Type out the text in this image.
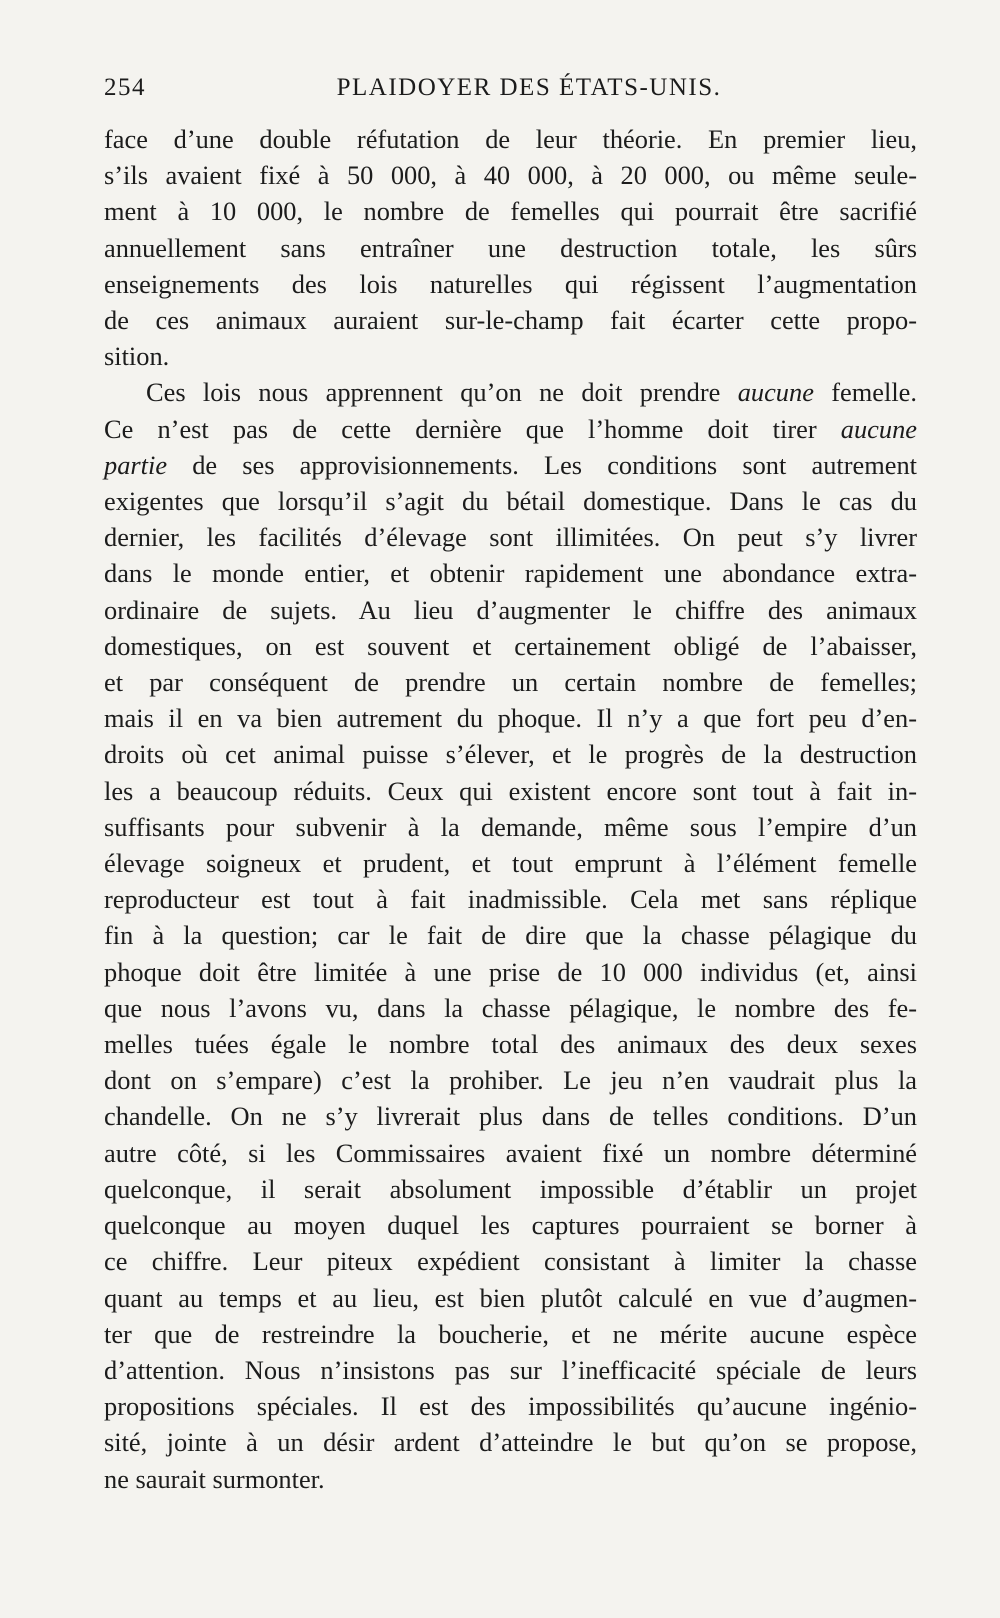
254	PLAIDOYER DES ÉTATS-UNIS.

face d’une double réfutation de leur théorie. En premier lieu,
s’ils avaient fixé à 50 000, à 40 000, à 20 000, ou même seule-
ment à 10 000, le nombre de femelles qui pourrait être sacrifié
annuellement sans entraîner une destruction totale, les sûrs
enseignements des lois naturelles qui régissent l’augmentation
de ces animaux auraient sur-le-champ fait écarter cette propo-
sition.

Ces lois nous apprennent qu’on ne doit prendre aucune femelle.
Ce n’est pas de cette dernière que l’homme doit tirer aucune
partie de ses approvisionnements. Les conditions sont autrement
exigentes que lorsqu’il s’agit du bétail domestique. Dans le cas du
dernier, les facilités d’élevage sont illimitées. On peut s’y livrer
dans le monde entier, et obtenir rapidement une abondance extra-
ordinaire de sujets. Au lieu d’augmenter le chiffre des animaux
domestiques, on est souvent et certainement obligé de l’abaisser,
et par conséquent de prendre un certain nombre de femelles;
mais il en va bien autrement du phoque. Il n’y a que fort peu d’en-
droits où cet animal puisse s’élever, et le progrès de la destruction
les a beaucoup réduits. Ceux qui existent encore sont tout à fait in-
suffisants pour subvenir à la demande, même sous l’empire d’un
élevage soigneux et prudent, et tout emprunt à l’élément femelle
reproducteur est tout à fait inadmissible. Cela met sans réplique
fin à la question; car le fait de dire que la chasse pélagique du
phoque doit être limitée à une prise de 10 000 individus (et, ainsi
que nous l’avons vu, dans la chasse pélagique, le nombre des fe-
melles tuées égale le nombre total des animaux des deux sexes
dont on s’empare) c’est la prohiber. Le jeu n’en vaudrait plus la
chandelle. On ne s’y livrerait plus dans de telles conditions. D’un
autre côté, si les Commissaires avaient fixé un nombre déterminé
quelconque, il serait absolument impossible d’établir un projet
quelconque au moyen duquel les captures pourraient se borner à
ce chiffre. Leur piteux expédient consistant à limiter la chasse
quant au temps et au lieu, est bien plutôt calculé en vue d’augmen-
ter que de restreindre la boucherie, et ne mérite aucune espèce
d’attention. Nous n’insistons pas sur l’inefficacité spéciale de leurs
propositions spéciales. Il est des impossibilités qu’aucune ingénio-
sité, jointe à un désir ardent d’atteindre le but qu’on se propose,
ne saurait surmonter.
